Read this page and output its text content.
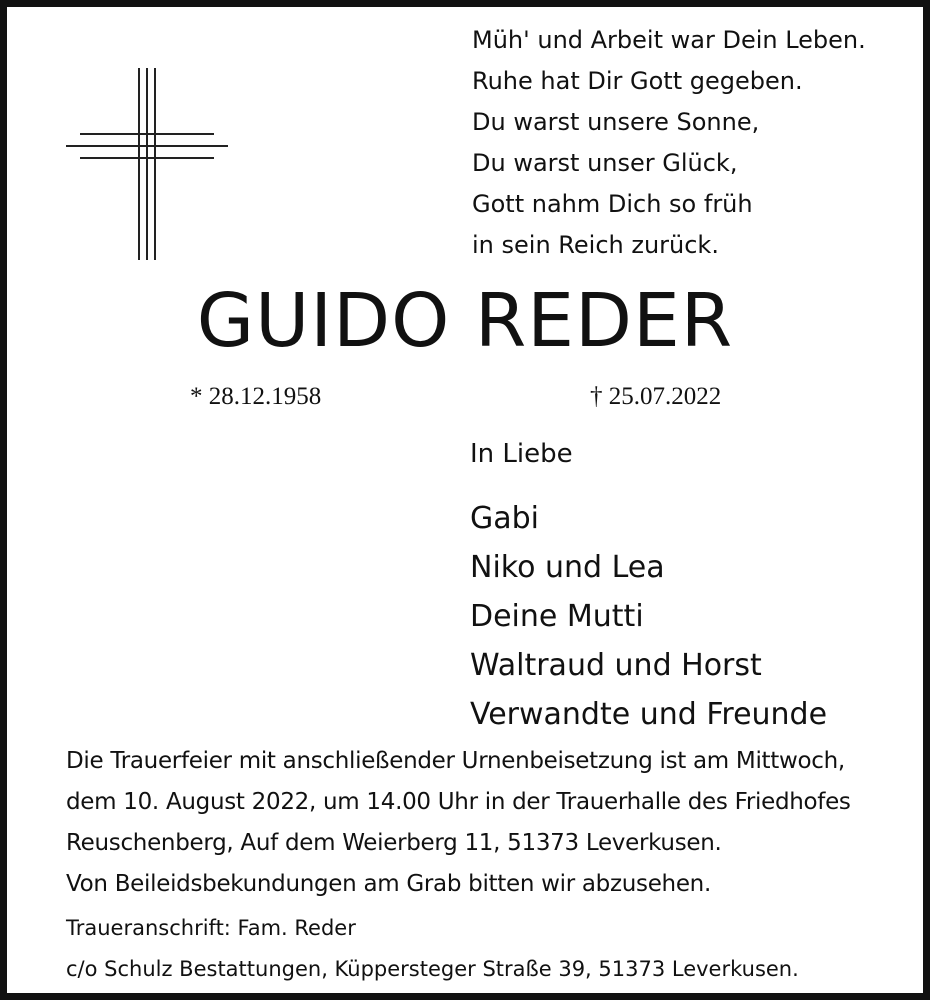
Müh' und Arbeit war Dein Leben.
Ruhe hat Dir Gott gegeben.
Du warst unsere Sonne,
Du warst unser Glück,
Gott nahm Dich so früh
in sein Reich zurück.
GUIDO REDER
* 28.12.1958	† 25.07.2022
In Liebe
Gabi
Niko und Lea
Deine Mutti
Waltraud und Horst
Verwandte und Freunde
Die Trauerfeier mit anschließender Urnenbeisetzung ist am Mittwoch,
dem 10. August 2022, um 14.00 Uhr in der Trauerhalle des Friedhofes
Reuschenberg, Auf dem Weierberg 11, 51373 Leverkusen.
Von Beileidsbekundungen am Grab bitten wir abzusehen.
Traueranschrift: Fam. Reder
c/o Schulz Bestattungen, Küppersteger Straße 39, 51373 Leverkusen.
